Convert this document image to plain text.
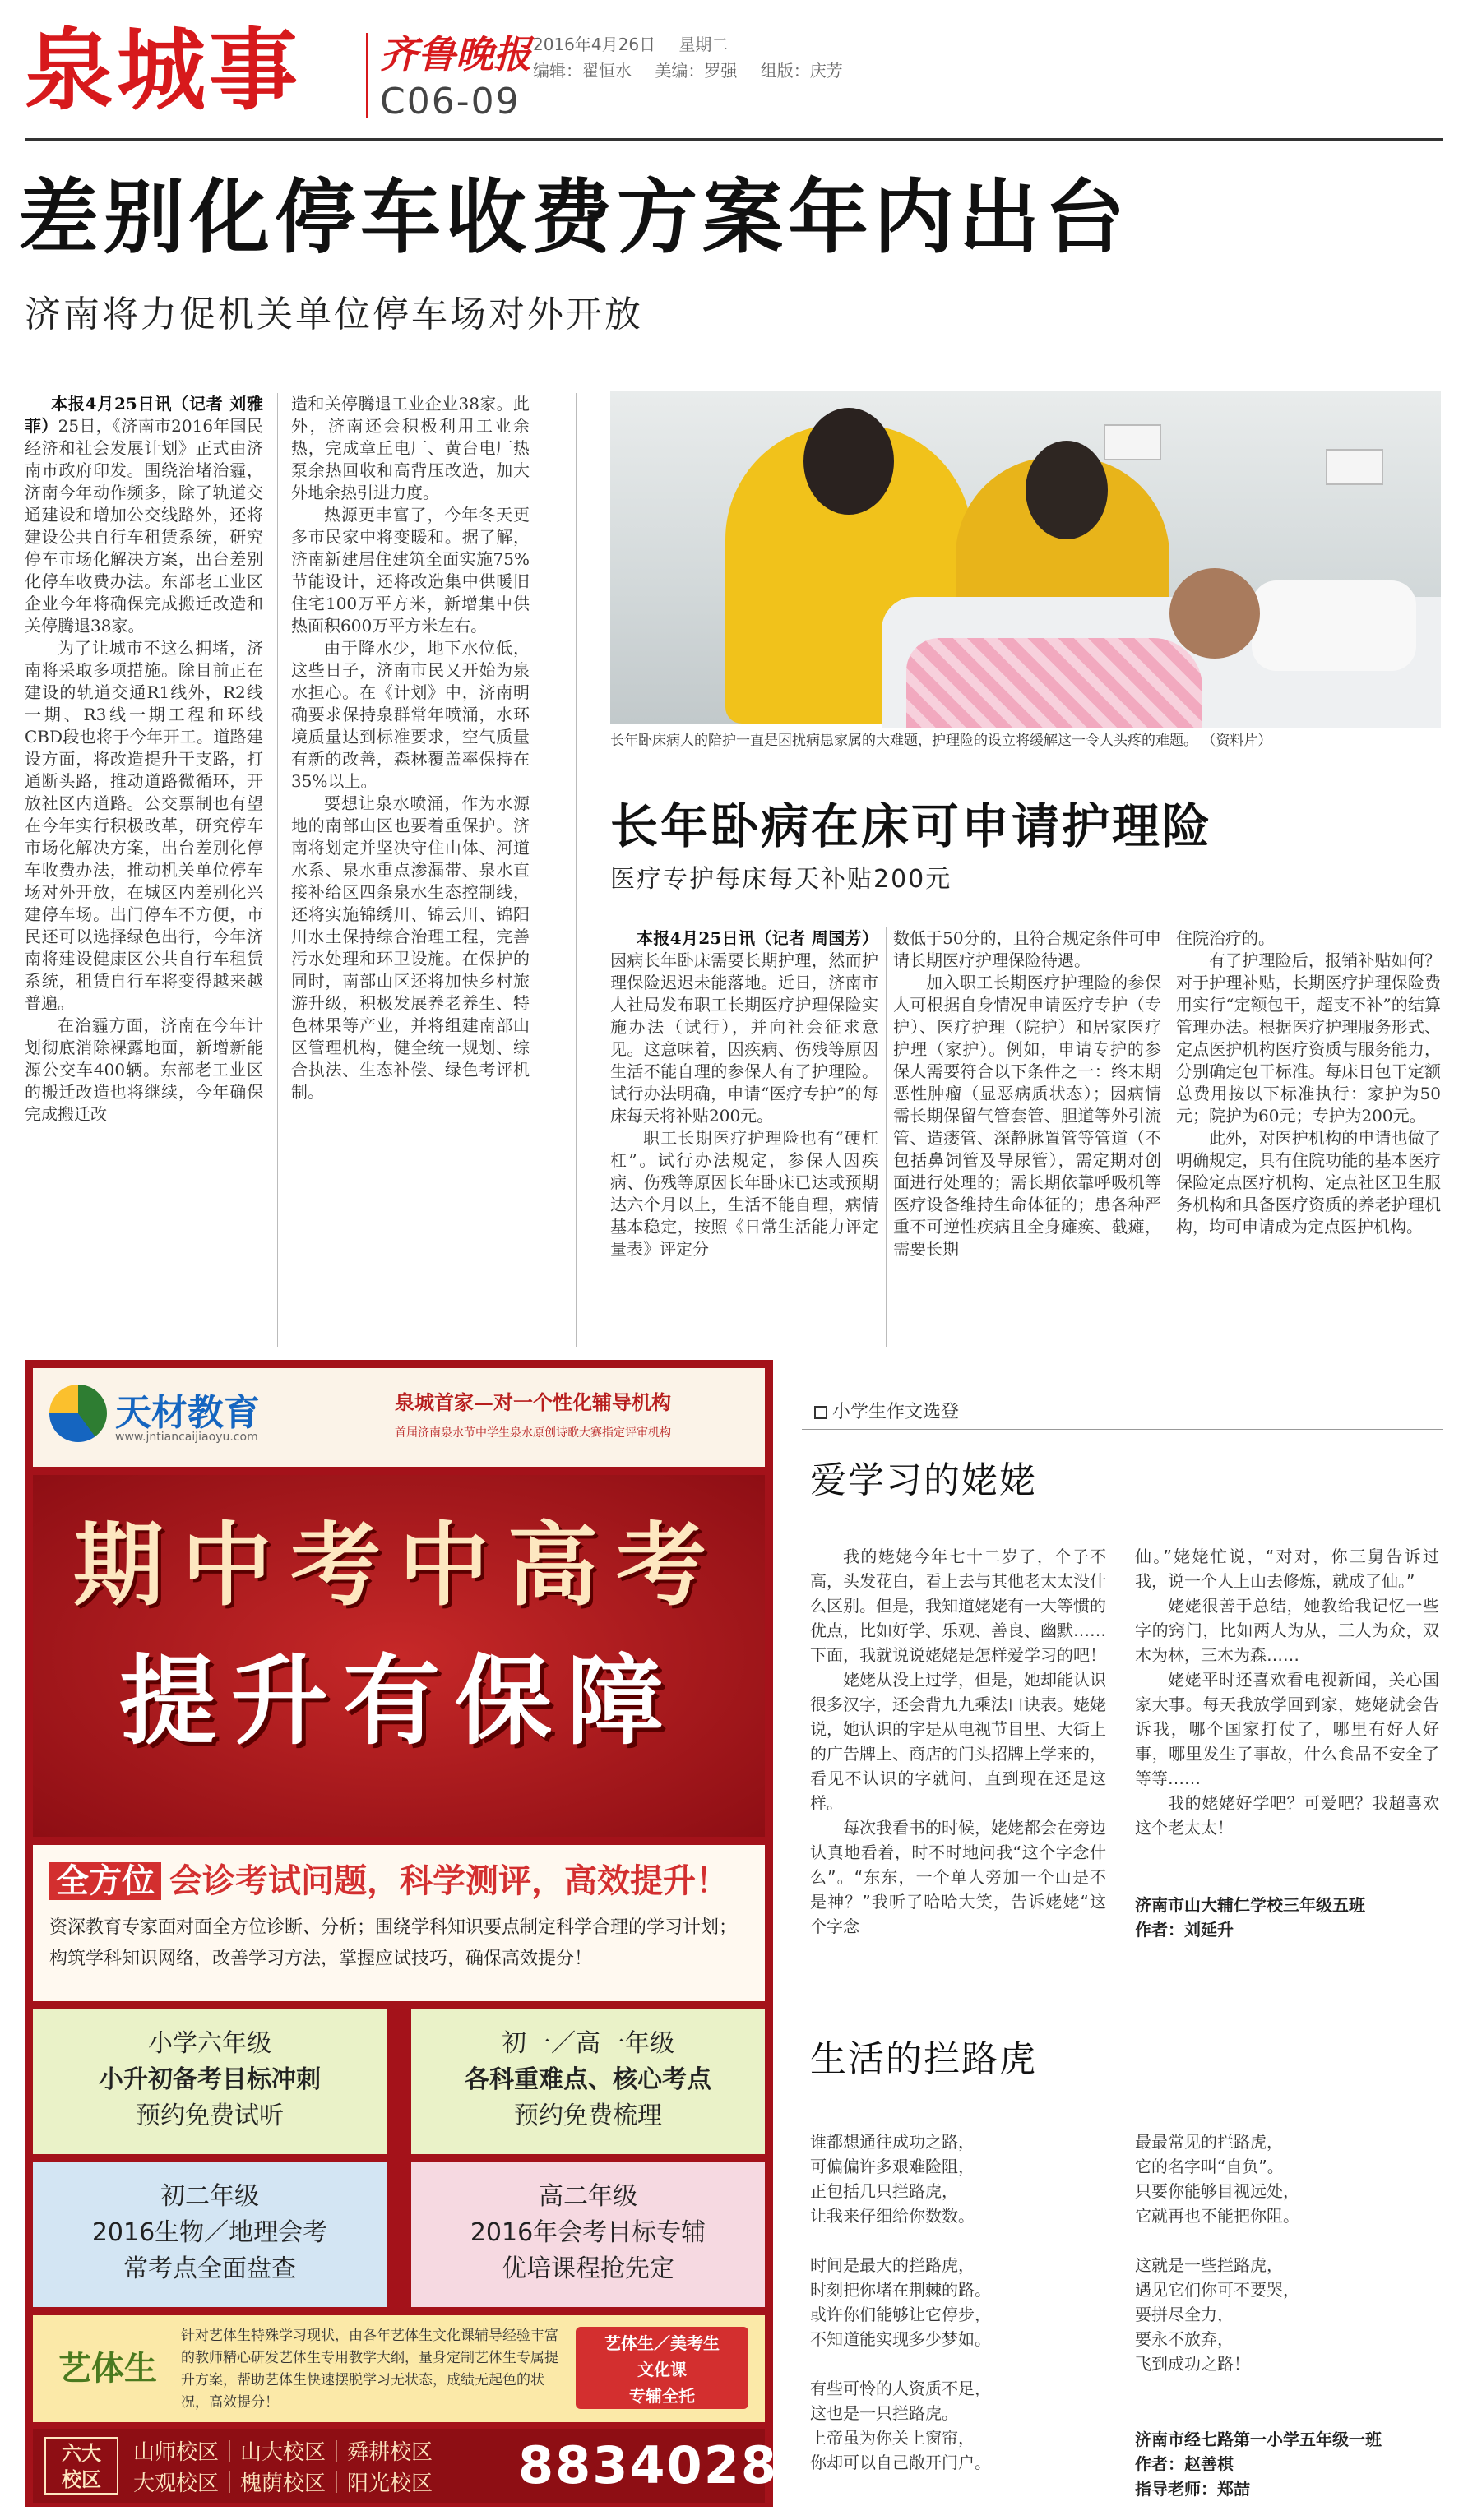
泉城事 齐鲁晚报
C06-09
2016年4月26日 星期二
编辑：翟恒水 美编：罗强 组版：庆芳
差别化停车收费方案年内出台
济南将力促机关单位停车场对外开放

本报4月25日讯（记者 刘雅菲）25日，《济南市2016年国民经济和社会发展计划》正式由济南市政府印发。围绕治堵治霾，济南今年动作频多，除了轨道交通建设和增加公交线路外，还将建设公共自行车租赁系统，研究停车市场化解决方案，出台差别化停车收费办法。东部老工业区企业今年将确保完成搬迁改造和关停腾退38家。

为了让城市不这么拥堵，济南将采取多项措施。除目前正在建设的轨道交通R1线外，R2线一期、R3线一期工程和环线CBD段也将于今年开工。道路建设方面，将改造提升干支路，打通断头路，推动道路微循环，开放社区内道路。公交票制也有望在今年实行积极改革，研究停车市场化解决方案，出台差别化停车收费办法，推动机关单位停车场对外开放，在城区内差别化兴建停车场。出门停车不方便，市民还可以选择绿色出行，今年济南将建设健康区公共自行车租赁系统，租赁自行车将变得越来越普遍。

在治霾方面，济南在今年计划彻底消除裸露地面，新增新能源公交车400辆。东部老工业区的搬迁改造也将继续，今年确保完成搬迁改

造和关停腾退工业企业38家。此外，济南还会积极利用工业余热，完成章丘电厂、黄台电厂热泵余热回收和高背压改造，加大外地余热引进力度。

热源更丰富了，今年冬天更多市民家中将变暖和。据了解，济南新建居住建筑全面实施75%节能设计，还将改造集中供暖旧住宅100万平方米，新增集中供热面积600万平方米左右。

由于降水少，地下水位低，这些日子，济南市民又开始为泉水担心。在《计划》中，济南明确要求保持泉群常年喷涌，水环境质量达到标准要求，空气质量有新的改善，森林覆盖率保持在35%以上。

要想让泉水喷涌，作为水源地的南部山区也要着重保护。济南将划定并坚决守住山体、河道水系、泉水重点渗漏带、泉水直接补给区四条泉水生态控制线，还将实施锦绣川、锦云川、锦阳川水土保持综合治理工程，完善污水处理和环卫设施。在保护的同时，南部山区还将加快乡村旅游升级，积极发展养老养生、特色林果等产业，并将组建南部山区管理机构，健全统一规划、综合执法、生态补偿、绿色考评机制。

长年卧床病人的陪护一直是困扰病患家属的大难题，护理险的设立将缓解这一令人头疼的难题。 （资料片）
长年卧病在床可申请护理险
医疗专护每床每天补贴200元

本报4月25日讯（记者 周国芳）因病长年卧床需要长期护理，然而护理保险迟迟未能落地。近日，济南市人社局发布职工长期医疗护理保险实施办法（试行），并向社会征求意见。这意味着，因疾病、伤残等原因生活不能自理的参保人有了护理险。试行办法明确，申请“医疗专护”的每床每天将补贴200元。

职工长期医疗护理险也有“硬杠杠”。试行办法规定，参保人因疾病、伤残等原因长年卧床已达或预期达六个月以上，生活不能自理，病情基本稳定，按照《日常生活能力评定量表》评定分

数低于50分的，且符合规定条件可申请长期医疗护理保险待遇。

加入职工长期医疗护理险的参保人可根据自身情况申请医疗专护（专护）、医疗护理（院护）和居家医疗护理（家护）。例如，申请专护的参保人需要符合以下条件之一：终末期恶性肿瘤（显恶病质状态）；因病情需长期保留气管套管、胆道等外引流管、造瘘管、深静脉置管等管道（不包括鼻饲管及导尿管），需定期对创面进行处理的；需长期依靠呼吸机等医疗设备维持生命体征的；患各种严重不可逆性疾病且全身瘫痪、截瘫，需要长期

住院治疗的。

有了护理险后，报销补贴如何？对于护理补贴，长期医疗护理保险费用实行“定额包干，超支不补”的结算管理办法。根据医疗护理服务形式、定点医护机构医疗资质与服务能力，分别确定包干标准。每床日包干定额总费用按以下标准执行：家护为50元；院护为60元；专护为200元。

此外，对医护机构的申请也做了明确规定，具有住院功能的基本医疗保险定点医疗机构、定点社区卫生服务机构和具备医疗资质的养老护理机构，均可申请成为定点医护机构。

天材教育
www.jntiancaijiaoyu.com
泉城首家—对一个性化辅导机构
首届济南泉水节中学生泉水原创诗歌大赛指定评审机构
期中考中高考
提升有保障
全方位 会诊考试问题，科学测评，高效提升！
资深教育专家面对面全方位诊断、分析；围绕学科知识要点制定科学合理的学习计划；构筑学科知识网络，改善学习方法，掌握应试技巧，确保高效提分！
小学六年级
小升初备考目标冲刺
预约免费试听
初一／高一年级
各科重难点、核心考点
预约免费梳理
初二年级
2016生物／地理会考
常考点全面盘查
高二年级
2016年会考目标专辅
优培课程抢先定
艺体生
针对艺体生特殊学习现状，由各年艺体生文化课辅导经验丰富的教师精心研发艺体生专用教学大纲，量身定制艺体生专属提升方案，帮助艺体生快速摆脱学习无状态，成绩无起色的状况，高效提分！
艺体生／美考生
文化课
专辅全托
六大
校区
山师校区｜山大校区｜舜耕校区
大观校区｜槐荫校区｜阳光校区 88340288
小学生作文选登
爱学习的姥姥

我的姥姥今年七十二岁了，个子不高，头发花白，看上去与其他老太太没什么区别。但是，我知道姥姥有一大等惯的优点，比如好学、乐观、善良、幽默……下面，我就说说姥姥是怎样爱学习的吧！

姥姥从没上过学，但是，她却能认识很多汉字，还会背九九乘法口诀表。姥姥说，她认识的字是从电视节目里、大街上的广告牌上、商店的门头招牌上学来的，看见不认识的字就问，直到现在还是这样。

每次我看书的时候，姥姥都会在旁边认真地看着，时不时地问我“这个字念什么”。“东东，一个单人旁加一个山是不是神？”我听了哈哈大笑，告诉姥姥“这个字念

仙。”姥姥忙说，“对对，你三舅告诉过我，说一个人上山去修炼，就成了仙。”

姥姥很善于总结，她教给我记忆一些字的窍门，比如两人为从，三人为众，双木为林，三木为森……

姥姥平时还喜欢看电视新闻，关心国家大事。每天我放学回到家，姥姥就会告诉我，哪个国家打仗了，哪里有好人好事，哪里发生了事故，什么食品不安全了等等……

我的姥姥好学吧？可爱吧？我超喜欢这个老太太！

济南市山大辅仁学校三年级五班
作者：刘延升
生活的拦路虎
谁都想通往成功之路，
可偏偏许多艰难险阻，
正包括几只拦路虎，
让我来仔细给你数数。
时间是最大的拦路虎，
时刻把你堵在荆棘的路。
或许你们能够让它停步，
不知道能实现多少梦如。
有些可怜的人资质不足，
这也是一只拦路虎。
上帝虽为你关上窗帘，
你却可以自己敞开门户。
最最常见的拦路虎，
它的名字叫“自负”。
只要你能够目视远处，
它就再也不能把你阻。
这就是一些拦路虎，
遇见它们你可不要哭，
要拼尽全力，
要永不放弃，
飞到成功之路！
济南市经七路第一小学五年级一班
作者：赵善棋
指导老师：郑喆
